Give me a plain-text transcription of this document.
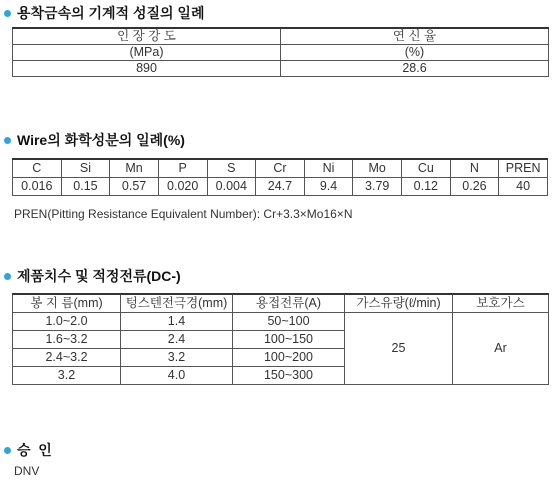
용착금속의 기계적 성질의 일례
인 장 강 도	연 신 율
(MPa)	(%)
890	28.6
Wire의 화학성분의 일례(%)
C	Si	Mn	P	S	Cr	Ni	Mo	Cu	N	PREN
0.016	0.15	0.57	0.020	0.004	24.7	9.4	3.79	0.12	0.26	40
PREN(Pitting Resistance Equivalent Number): Cr+3.3×Mo16×N
제품치수 및 적정전류(DC-)
봉 지 름(mm)	텅스텐전극경(mm)	용접전류(A)	가스유량(ℓ/min)	보호가스
1.0~2.0	1.4	50~100	25	Ar
1.6~3.2	2.4	100~150		
2.4~3.2	3.2	100~200		
3.2	4.0	150~300		
승  인
DNV
